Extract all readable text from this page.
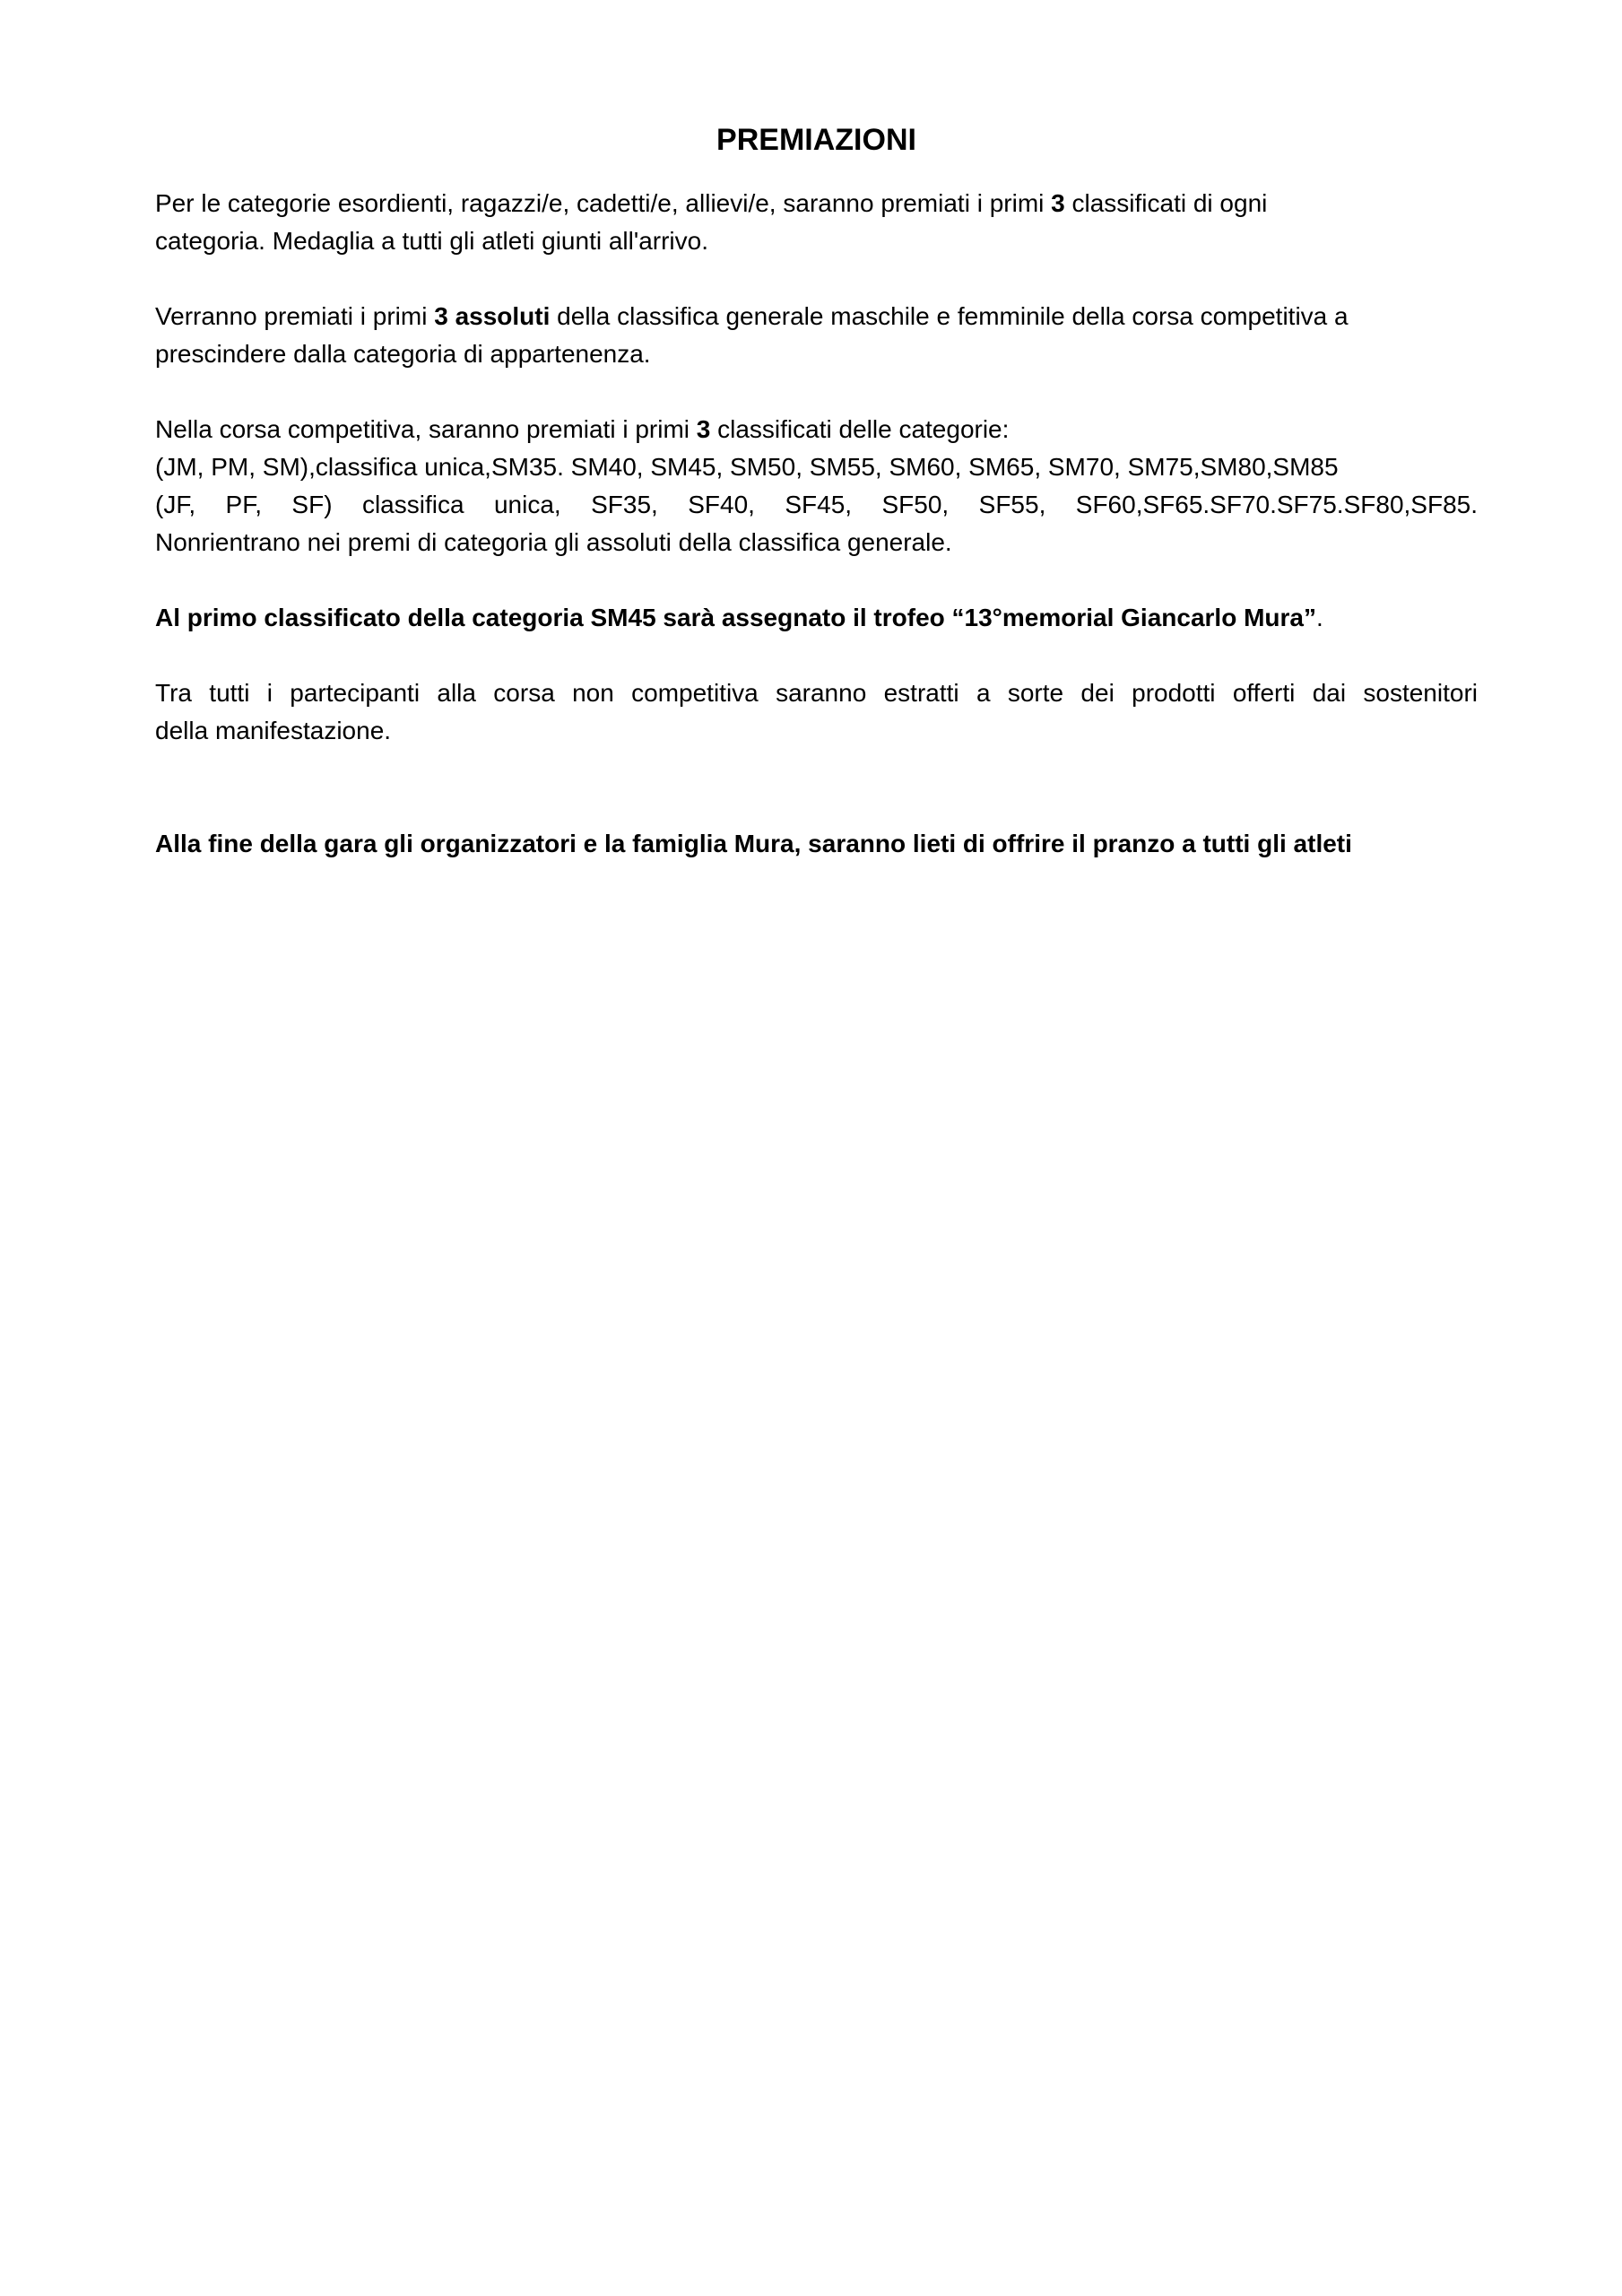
PREMIAZIONI
Per le categorie esordienti, ragazzi/e, cadetti/e, allievi/e, saranno premiati i primi 3 classificati di ogni
categoria. Medaglia a tutti gli atleti giunti all'arrivo.
Verranno premiati i primi 3 assoluti della classifica generale maschile e femminile della corsa competitiva a
prescindere dalla categoria di appartenenza.
Nella corsa competitiva, saranno premiati i primi 3 classificati delle categorie:
(JM, PM, SM),classifica unica,SM35. SM40, SM45, SM50, SM55, SM60, SM65, SM70, SM75,SM80,SM85
(JF, PF, SF) classifica unica, SF35, SF40, SF45, SF50, SF55, SF60,SF65.SF70.SF75.SF80,SF85.
Nonrientrano nei premi di categoria gli assoluti della classifica generale.
Al primo classificato della categoria SM45 sarà assegnato il trofeo “13°memorial Giancarlo Mura”.
Tra tutti i partecipanti alla corsa non competitiva saranno estratti a sorte dei prodotti offerti dai sostenitori
della manifestazione.
Alla fine della gara gli organizzatori e la famiglia Mura, saranno lieti di offrire il pranzo a tutti gli atleti
